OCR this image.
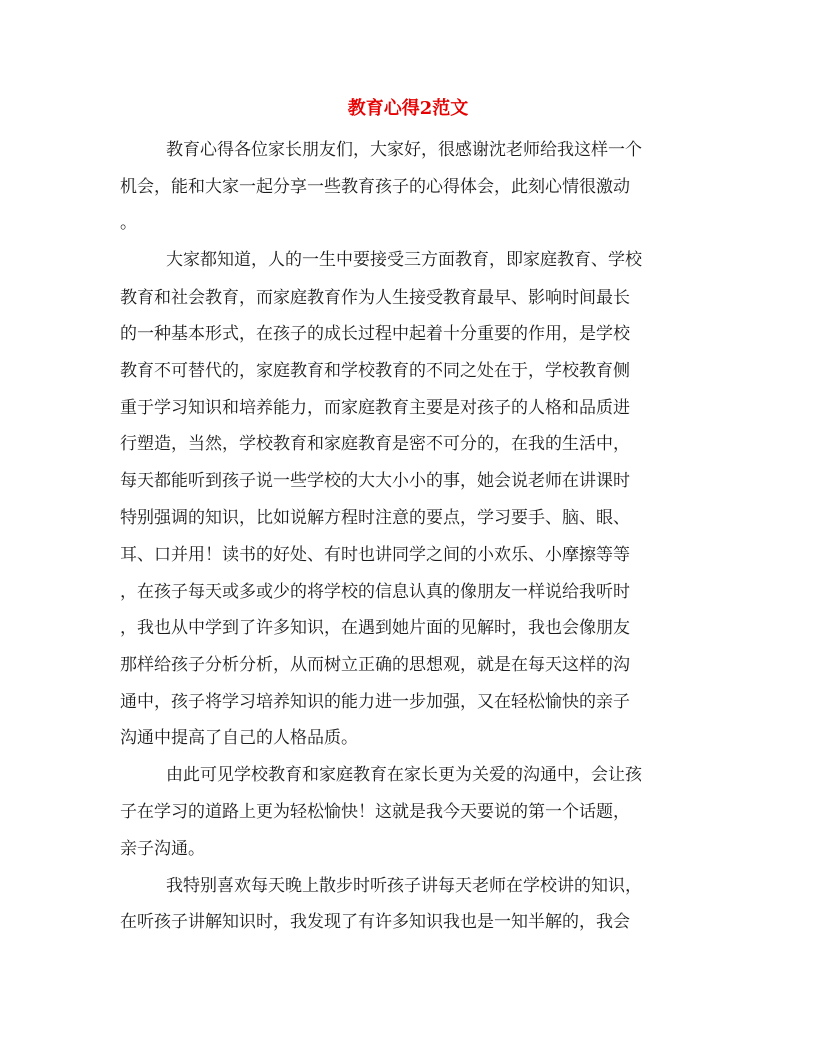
教育心得2范文
教育心得各位家长朋友们，大家好，很感谢沈老师给我这样一个
机会，能和大家一起分享一些教育孩子的心得体会，此刻心情很激动
。
大家都知道，人的一生中要接受三方面教育，即家庭教育、学校
教育和社会教育，而家庭教育作为人生接受教育最早、影响时间最长
的一种基本形式，在孩子的成长过程中起着十分重要的作用，是学校
教育不可替代的，家庭教育和学校教育的不同之处在于，学校教育侧
重于学习知识和培养能力，而家庭教育主要是对孩子的人格和品质进
行塑造，当然，学校教育和家庭教育是密不可分的，在我的生活中，
每天都能听到孩子说一些学校的大大小小的事，她会说老师在讲课时
特别强调的知识，比如说解方程时注意的要点，学习要手、脑、眼、
耳、口并用！读书的好处、有时也讲同学之间的小欢乐、小摩擦等等
，在孩子每天或多或少的将学校的信息认真的像朋友一样说给我听时
，我也从中学到了许多知识，在遇到她片面的见解时，我也会像朋友
那样给孩子分析分析，从而树立正确的思想观，就是在每天这样的沟
通中，孩子将学习培养知识的能力进一步加强，又在轻松愉快的亲子
沟通中提高了自己的人格品质。
由此可见学校教育和家庭教育在家长更为关爱的沟通中，会让孩
子在学习的道路上更为轻松愉快！这就是我今天要说的第一个话题，
亲子沟通。
我特别喜欢每天晚上散步时听孩子讲每天老师在学校讲的知识，
在听孩子讲解知识时，我发现了有许多知识我也是一知半解的，我会
